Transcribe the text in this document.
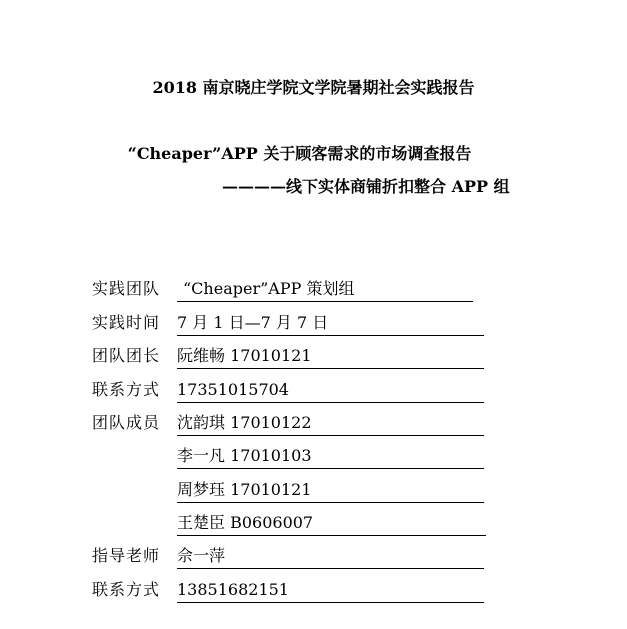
2018 南京晓庄学院文学院暑期社会实践报告
“Cheaper”APP 关于顾客需求的市场调查报告
————线下实体商铺折扣整合 APP 组
实践团队 “Cheaper”APP 策划组
实践时间 7 月 1 日—7 月 7 日
团队团长 阮维畅 17010121
联系方式 17351015704
团队成员 沈韵琪 17010122
李一凡 17010103
周梦珏 17010121
王楚臣 B0606007
指导老师 佘一萍
联系方式 13851682151
